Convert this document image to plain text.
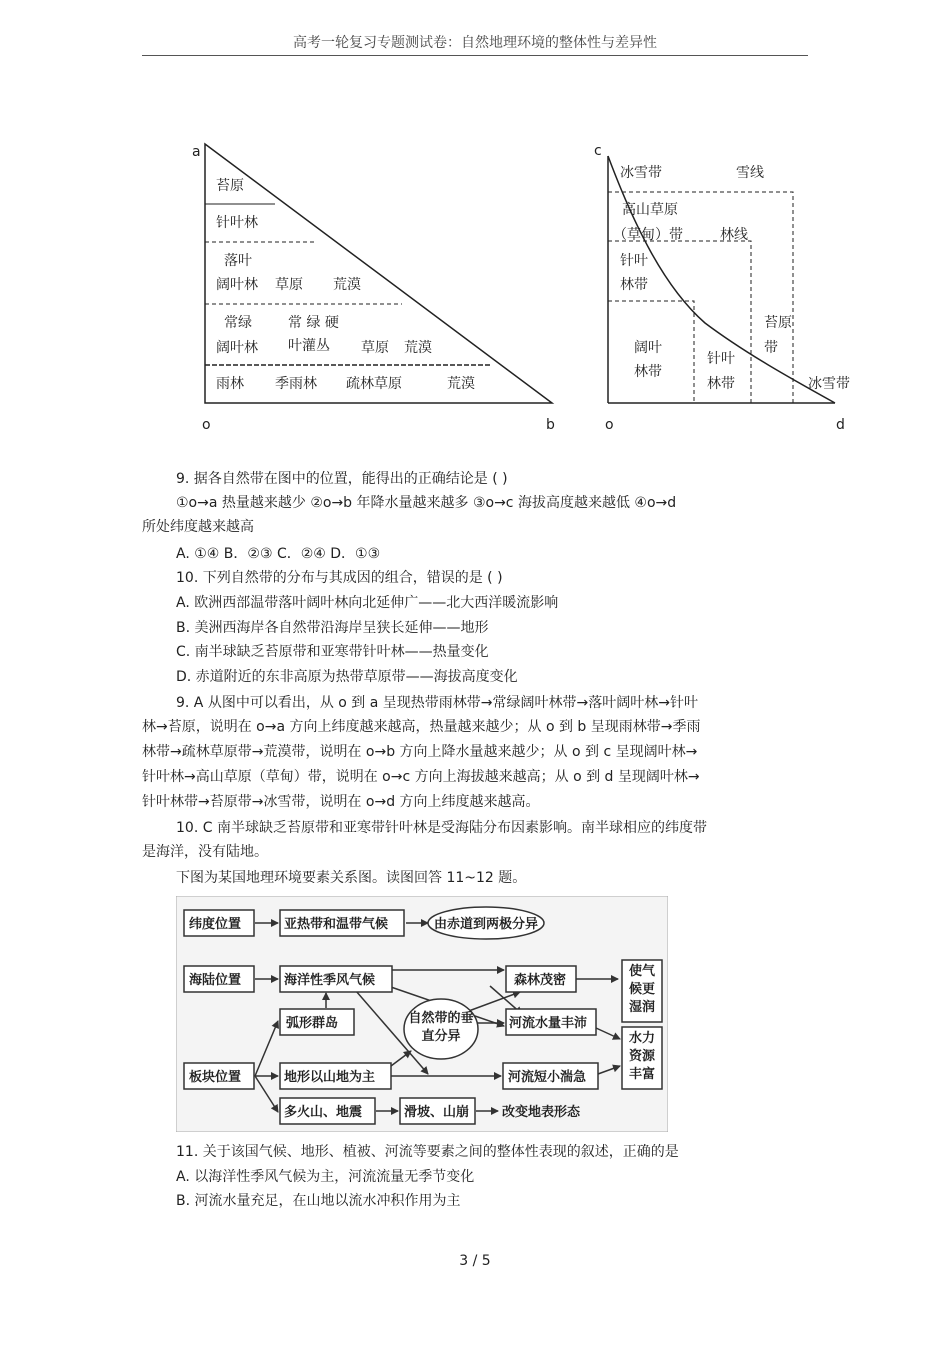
高考一轮复习专题测试卷：自然地理环境的整体性与差异性
a
o	b
苔原
针叶林
落叶
阔叶林 草原 荒漠
常绿	常 绿 硬
阔叶林 叶灌丛 草原 荒漠
雨林 季雨林 疏林草原	荒漠
c
o	d
冰雪带	雪线
高山草原
（草甸）带	林线
针叶
林带
苔原
带
阔叶
林带
针叶
林带	冰雪带
9. 据各自然带在图中的位置，能得出的正确结论是 ( )
①o→a 热量越来越少 ②o→b 年降水量越来越多 ③o→c 海拔高度越来越低 ④o→d
所处纬度越来越高
A. ①④ B．②③ C．②④ D．①③
10. 下列自然带的分布与其成因的组合，错误的是 ( )
A. 欧洲西部温带落叶阔叶林向北延伸广——北大西洋暖流影响
B. 美洲西海岸各自然带沿海岸呈狭长延伸——地形
C. 南半球缺乏苔原带和亚寒带针叶林——热量变化
D. 赤道附近的东非高原为热带草原带——海拔高度变化
9. A 从图中可以看出，从 o 到 a 呈现热带雨林带→常绿阔叶林带→落叶阔叶林→针叶
林→苔原，说明在 o→a 方向上纬度越来越高，热量越来越少；从 o 到 b 呈现雨林带→季雨
林带→疏林草原带→荒漠带，说明在 o→b 方向上降水量越来越少；从 o 到 c 呈现阔叶林→
针叶林→高山草原（草甸）带，说明在 o→c 方向上海拔越来越高；从 o 到 d 呈现阔叶林→
针叶林带→苔原带→冰雪带，说明在 o→d 方向上纬度越来越高。
10. C 南半球缺乏苔原带和亚寒带针叶林是受海陆分布因素影响。南半球相应的纬度带
是海洋，没有陆地。
下图为某国地理环境要素关系图。读图回答 11~12 题。
纬度位置	亚热带和温带气候	由赤道到两极分异
海陆位置	海洋性季风气候	森林茂密
使气候更湿润
弧形群岛	自然带的垂直分异
河流水量丰沛
水力资源丰富
板块位置	地形以山地为主	河流短小湍急
多火山、地震	滑坡、山崩	改变地表形态
11. 关于该国气候、地形、植被、河流等要素之间的整体性表现的叙述，正确的是
A. 以海洋性季风气候为主，河流流量无季节变化
B. 河流水量充足，在山地以流水冲积作用为主
3 / 5
